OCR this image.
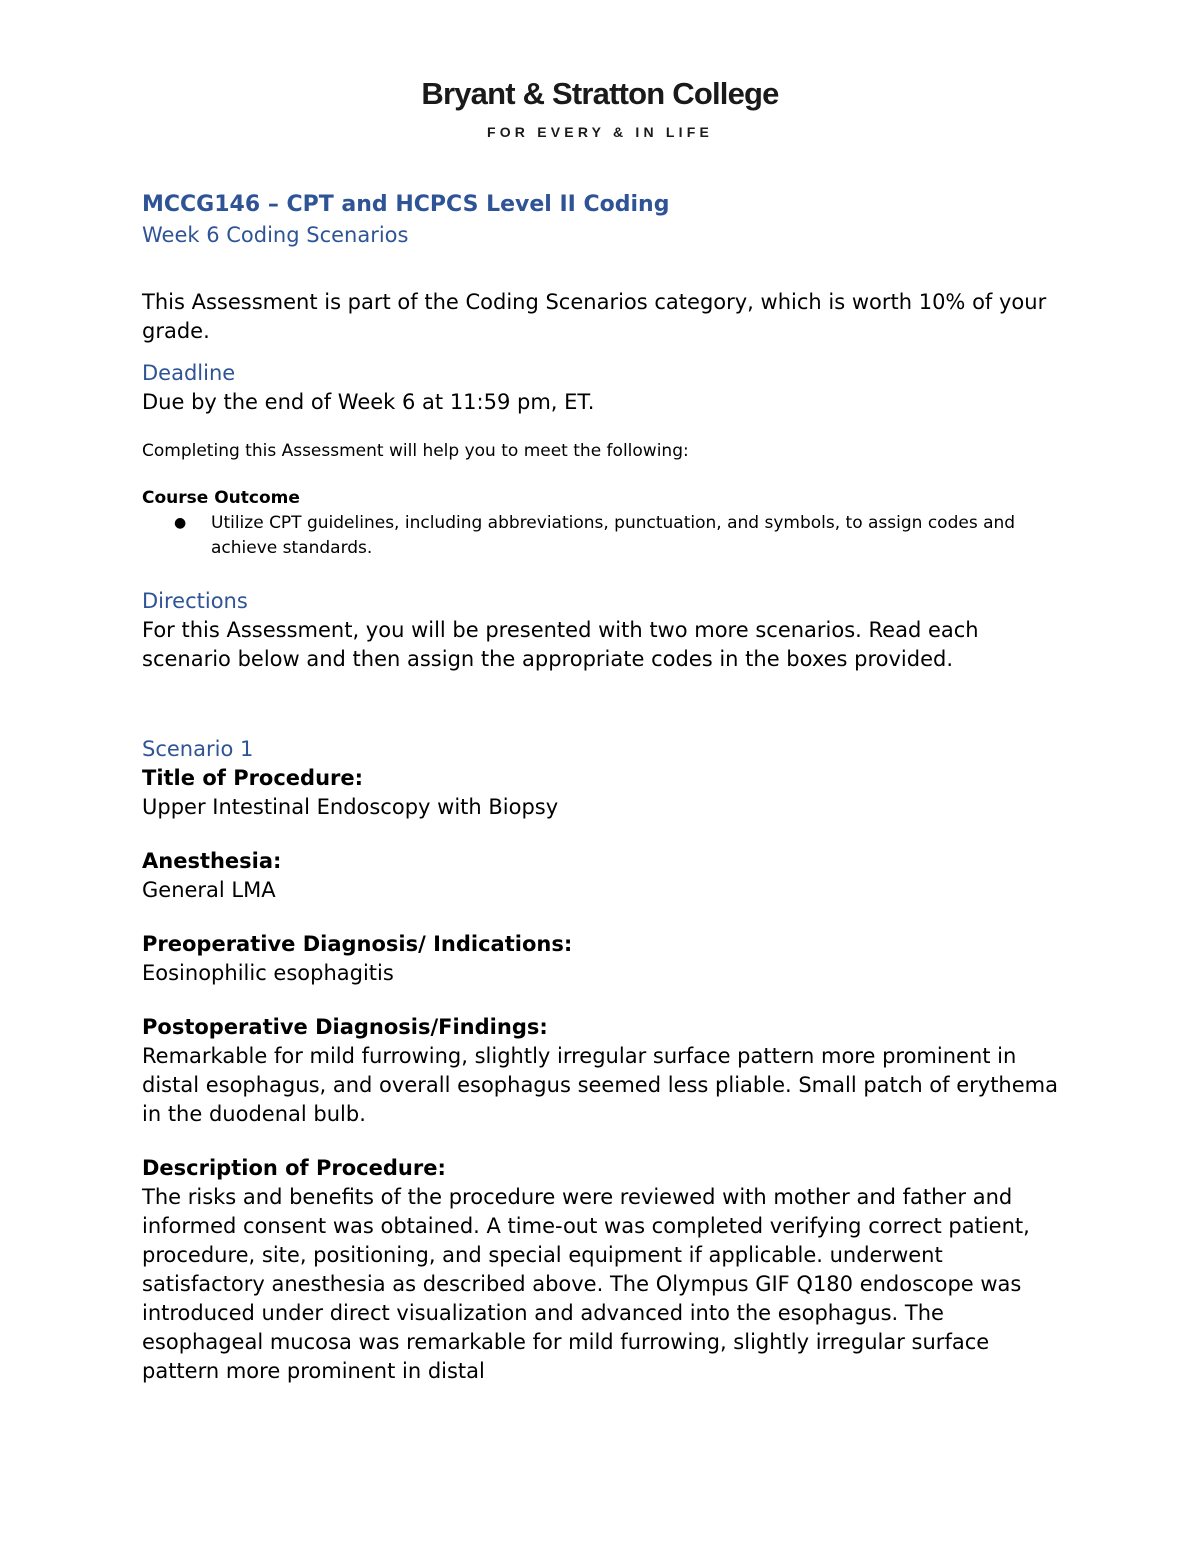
Bryant & Stratton College
FOR EVERY & IN LIFE
MCCG146 – CPT and HCPCS Level II Coding
Week 6 Coding Scenarios
This Assessment is part of the Coding Scenarios category, which is worth 10% of your grade.
Deadline
Due by the end of Week 6 at 11:59 pm, ET.
Completing this Assessment will help you to meet the following:
Course Outcome
●	Utilize CPT guidelines, including abbreviations, punctuation, and symbols, to assign codes and achieve standards.
Directions
For this Assessment, you will be presented with two more scenarios. Read each scenario below and then assign the appropriate codes in the boxes provided.
Scenario 1
Title of Procedure:
Upper Intestinal Endoscopy with Biopsy
Anesthesia:
General LMA
Preoperative Diagnosis/ Indications:
Eosinophilic esophagitis
Postoperative Diagnosis/Findings:
Remarkable for mild furrowing, slightly irregular surface pattern more prominent in distal esophagus, and overall esophagus seemed less pliable. Small patch of erythema in the duodenal bulb.
Description of Procedure:
The risks and benefits of the procedure were reviewed with mother and father and informed consent was obtained. A time-out was completed verifying correct patient, procedure, site, positioning, and special equipment if applicable. underwent satisfactory anesthesia as described above. The Olympus GIF Q180 endoscope was introduced under direct visualization and advanced into the esophagus. The esophageal mucosa was remarkable for mild furrowing, slightly irregular surface pattern more prominent in distal
